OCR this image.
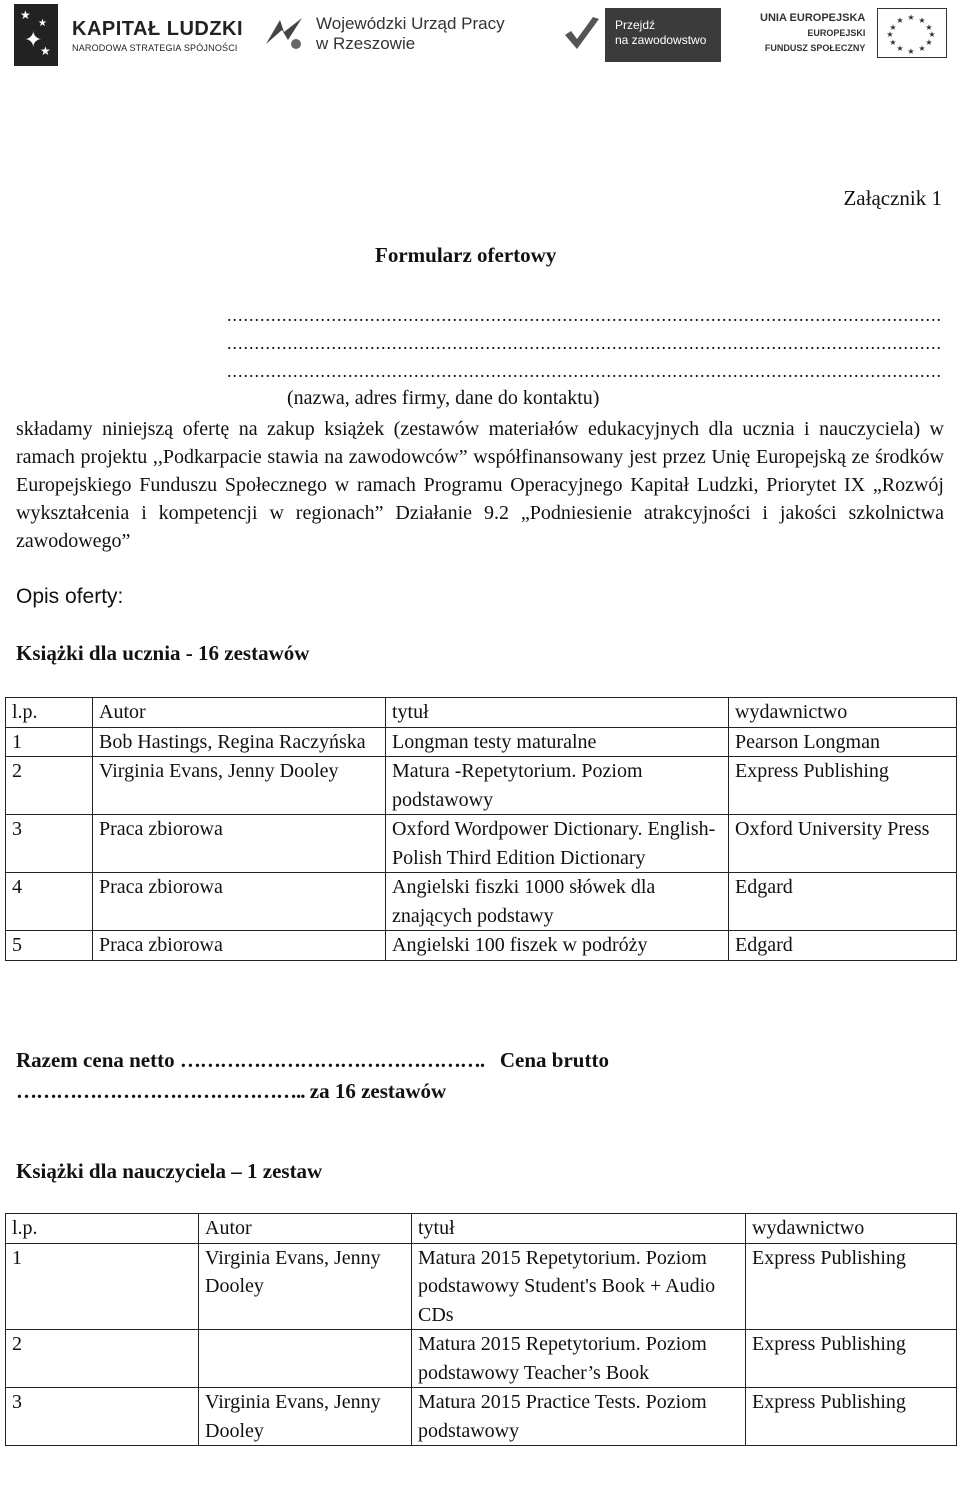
★
★
✦
★
KAPITAŁ LUDZKI
NARODOWA STRATEGIA SPÓJNOŚCI
Wojewódzki Urząd Pracy
w Rzeszowie
Przejdź
na zawodowstwo
UNIA EUROPEJSKA
EUROPEJSKI
FUNDUSZ SPOŁECZNY
★ ★
★
★
★
★
★
★
★
★
★
★
Załącznik 1
Formularz ofertowy
..................................................................................................................................
..................................................................................................................................
..................................................................................................................................
(nazwa, adres firmy, dane do kontaktu)
składamy niniejszą ofertę na zakup książek (zestawów materiałów edukacyjnych dla ucznia i nauczyciela) w ramach projektu ,,Podkarpacie stawia na zawodowców” współfinansowany jest przez Unię Europejską ze środków Europejskiego Funduszu Społecznego w ramach Programu Operacyjnego Kapitał Ludzki, Priorytet IX „Rozwój wykształcenia i kompetencji w regionach” Działanie 9.2 „Podniesienie atrakcyjności i jakości szkolnictwa zawodowego”
Opis oferty:
Książki dla ucznia - 16 zestawów
l.p.	Autor	tytuł	wydawnictwo
1	Bob Hastings, Regina Raczyńska	Longman testy maturalne	Pearson Longman
2	Virginia Evans, Jenny Dooley	Matura -Repetytorium. Poziom podstawowy	Express Publishing
3	Praca zbiorowa	Oxford Wordpower Dictionary. English-Polish Third Edition Dictionary	Oxford University Press
4	Praca zbiorowa	Angielski fiszki 1000 słówek dla znających podstawy	Edgard
5	Praca zbiorowa	Angielski 100 fiszek w podróży	Edgard
Razem cena netto ………………………………………. Cena brutto
…………………………………….. za 16 zestawów
Książki dla nauczyciela – 1 zestaw
l.p.	Autor	tytuł	wydawnictwo
1	Virginia Evans, Jenny Dooley	Matura 2015 Repetytorium. Poziom podstawowy Student's Book + Audio CDs	Express Publishing
2		Matura 2015 Repetytorium. Poziom podstawowy Teacher’s Book	Express Publishing
3	Virginia Evans, Jenny Dooley	Matura 2015 Practice Tests. Poziom podstawowy	Express Publishing
